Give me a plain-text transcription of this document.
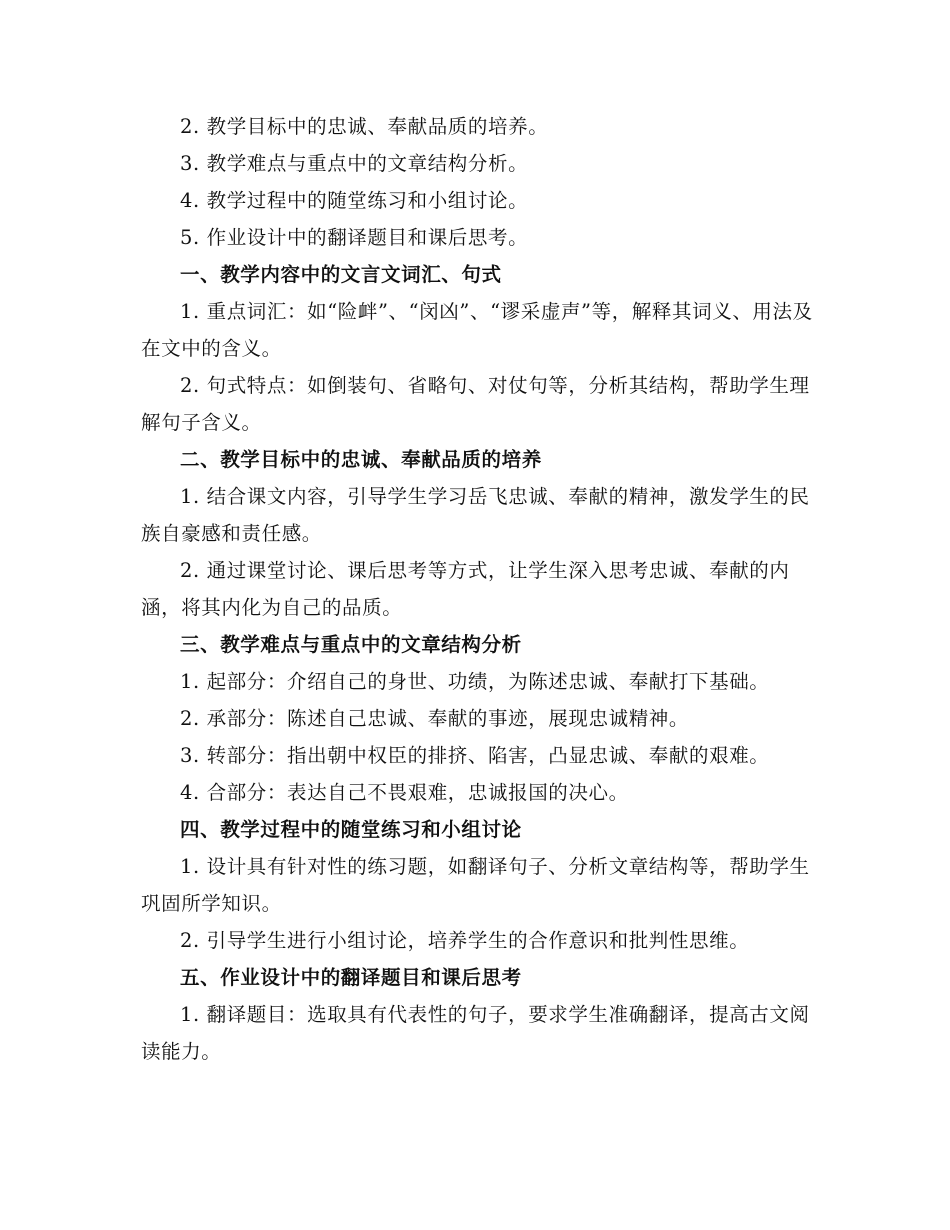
2. 教学目标中的忠诚、奉献品质的培养。
3. 教学难点与重点中的文章结构分析。
4. 教学过程中的随堂练习和小组讨论。
5. 作业设计中的翻译题目和课后思考。
一、教学内容中的文言文词汇、句式
1. 重点词汇：如“险衅”、“闵凶”、“谬采虚声”等，解释其词义、用法及在文中的含义。
2. 句式特点：如倒装句、省略句、对仗句等，分析其结构，帮助学生理解句子含义。
二、教学目标中的忠诚、奉献品质的培养
1. 结合课文内容，引导学生学习岳飞忠诚、奉献的精神，激发学生的民族自豪感和责任感。
2. 通过课堂讨论、课后思考等方式，让学生深入思考忠诚、奉献的内涵，将其内化为自己的品质。
三、教学难点与重点中的文章结构分析
1. 起部分：介绍自己的身世、功绩，为陈述忠诚、奉献打下基础。
2. 承部分：陈述自己忠诚、奉献的事迹，展现忠诚精神。
3. 转部分：指出朝中权臣的排挤、陷害，凸显忠诚、奉献的艰难。
4. 合部分：表达自己不畏艰难，忠诚报国的决心。
四、教学过程中的随堂练习和小组讨论
1. 设计具有针对性的练习题，如翻译句子、分析文章结构等，帮助学生巩固所学知识。
2. 引导学生进行小组讨论，培养学生的合作意识和批判性思维。
五、作业设计中的翻译题目和课后思考
1. 翻译题目：选取具有代表性的句子，要求学生准确翻译，提高古文阅读能力。
